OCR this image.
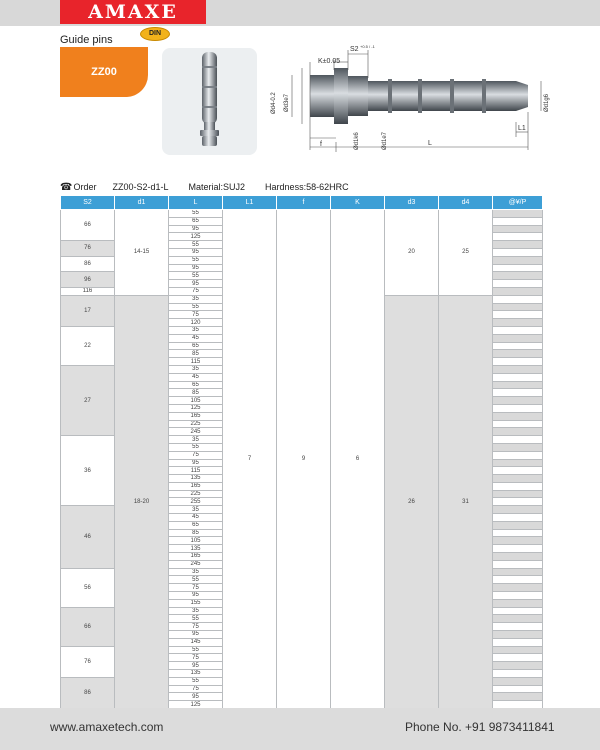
AMAXE
Guide pins
DIN
ZZ00
K±0.05
S2 +0.5 / -1
f
L1
L
Ød4-0.2 Ød3e7
Ød1k6	Ød1e7
Ød1g6
☎Order ZZ00-S2-d1-L Material:SUJ2 Hardness:58-62HRC
S2	d1	L	L1	f	K	d3	d4	@¥/P
66	14-15	55	7	9	6	20	25	
		65						
		95						
		125						
76		55						
		95						
86		55						
		95						
96		55						
		95						
116		75						
17	18-20	35				26	31	
		55						
		75						
		120						
22		35						
		45						
		65						
		85						
		115						
27		35						
		45						
		65						
		85						
		105						
		125						
		165						
		225						
		245						
36		35						
		55						
		75						
		95						
		115						
		135						
		165						
		225						
		255						
46		35						
		45						
		65						
		85						
		105						
		135						
		165						
		245						
56		35						
		55						
		75						
		95						
		155						
66		35						
		55						
		75						
		95						
		145						
76		55						
		75						
		95						
		135						
86		55						
		75						
		95						
		125						
www.amaxetech.com	Phone No. +91 9873411841
